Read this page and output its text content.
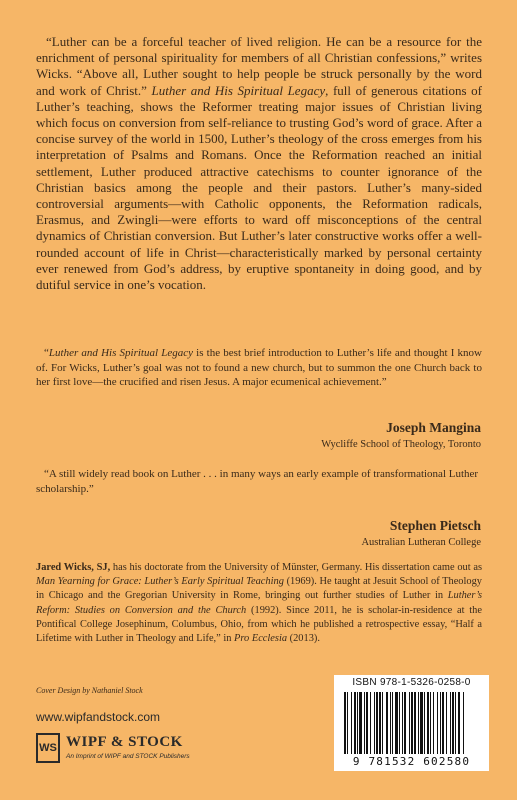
“Luther can be a forceful teacher of lived religion. He can be a resource for the enrichment of personal spirituality for members of all Christian confessions,” writes Wicks. “Above all, Luther sought to help people be struck personally by the word and work of Christ.” Luther and His Spiritual Legacy, full of generous citations of Luther’s teaching, shows the Reformer treating major issues of Christian living which focus on conversion from self-reliance to trusting God’s word of grace. After a concise survey of the world in 1500, Luther’s theology of the cross emerges from his interpretation of Psalms and Romans. Once the Reformation reached an initial settlement, Luther produced attractive catechisms to counter ignorance of the Christian basics among the people and their pastors. Luther’s many-sided controversial arguments—with Catholic opponents, the Reformation radicals, Erasmus, and Zwingli—were efforts to ward off misconceptions of the central dynamics of Christian conversion. But Luther’s later constructive works offer a well-rounded account of life in Christ—characteristically marked by personal certainty ever renewed from God’s address, by eruptive spontaneity in doing good, and by dutiful service in one’s vocation.

“Luther and His Spiritual Legacy is the best brief introduction to Luther’s life and thought I know of. For Wicks, Luther’s goal was not to found a new church, but to summon the one Church back to her first love—the crucified and risen Jesus. A major ecumenical achievement.”

Joseph Mangina

Wycliffe School of Theology, Toronto

“A still widely read book on Luther . . . in many ways an early example of transformational Luther scholarship.”

Stephen Pietsch

Australian Lutheran College

Jared Wicks, SJ, has his doctorate from the University of Münster, Germany. His dissertation came out as Man Yearning for Grace: Luther’s Early Spiritual Teaching (1969). He taught at Jesuit School of Theology in Chicago and the Gregorian University in Rome, bringing out further studies of Luther in Luther’s Reform: Studies on Conversion and the Church (1992). Since 2011, he is scholar-in-residence at the Pontifical College Josephinum, Columbus, Ohio, from which he published a retrospective essay, “Half a Lifetime with Luther in Theology and Life,” in Pro Ecclesia (2013).

Cover Design by Nathaniel Stock

www.wipfandstock.com

WS WIPF & STOCK

An Imprint of WIPF and STOCK Publishers

ISBN 978-1-5326-0258-0

9 781532 602580
